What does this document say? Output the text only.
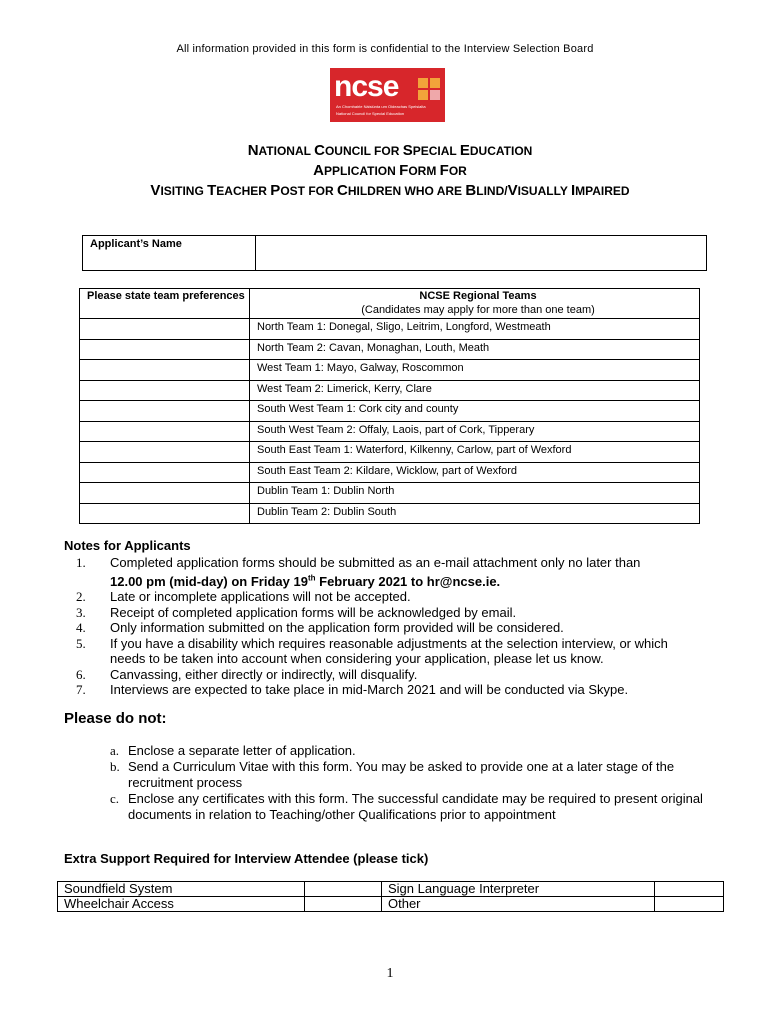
All information provided in this form is confidential to the Interview Selection Board
ncse
An Chomhairle Náisiúnta um Oideachas Speisialta
National Council for Special Education
NATIONAL COUNCIL FOR SPECIAL EDUCATION
APPLICATION FORM FOR
VISITING TEACHER POST FOR CHILDREN WHO ARE BLIND/VISUALLY IMPAIRED
Applicant’s Name	
Please state team preferences	NCSE Regional Teams
(Candidates may apply for more than one team)

	North Team 1: Donegal, Sligo, Leitrim, Longford, Westmeath
	North Team 2: Cavan, Monaghan, Louth, Meath
	West Team 1: Mayo, Galway, Roscommon
	West Team 2: Limerick, Kerry, Clare
	South West Team 1: Cork city and county
	South West Team 2: Offaly, Laois, part of Cork, Tipperary
	South East Team 1: Waterford, Kilkenny, Carlow, part of Wexford
	South East Team 2: Kildare, Wicklow, part of Wexford
	Dublin Team 1: Dublin North
	Dublin Team 2: Dublin South
Notes for Applicants
1. Completed application forms should be submitted as an e-mail attachment only no later than
12.00 pm (mid-day) on Friday 19th February 2021 to hr@ncse.ie.
2. Late or incomplete applications will not be accepted.
3. Receipt of completed application forms will be acknowledged by email.
4. Only information submitted on the application form provided will be considered.
5. If you have a disability which requires reasonable adjustments at the selection interview, or which needs to be taken into account when considering your application, please let us know.
6. Canvassing, either directly or indirectly, will disqualify.
7. Interviews are expected to take place in mid-March 2021 and will be conducted via Skype.
Please do not:
a. Enclose a separate letter of application.
b. Send a Curriculum Vitae with this form. You may be asked to provide one at a later stage of the recruitment process
c. Enclose any certificates with this form. The successful candidate may be required to present original documents in relation to Teaching/other Qualifications prior to appointment
Extra Support Required for Interview Attendee (please tick)
Soundfield System		Sign Language Interpreter	
Wheelchair Access		Other	
1
